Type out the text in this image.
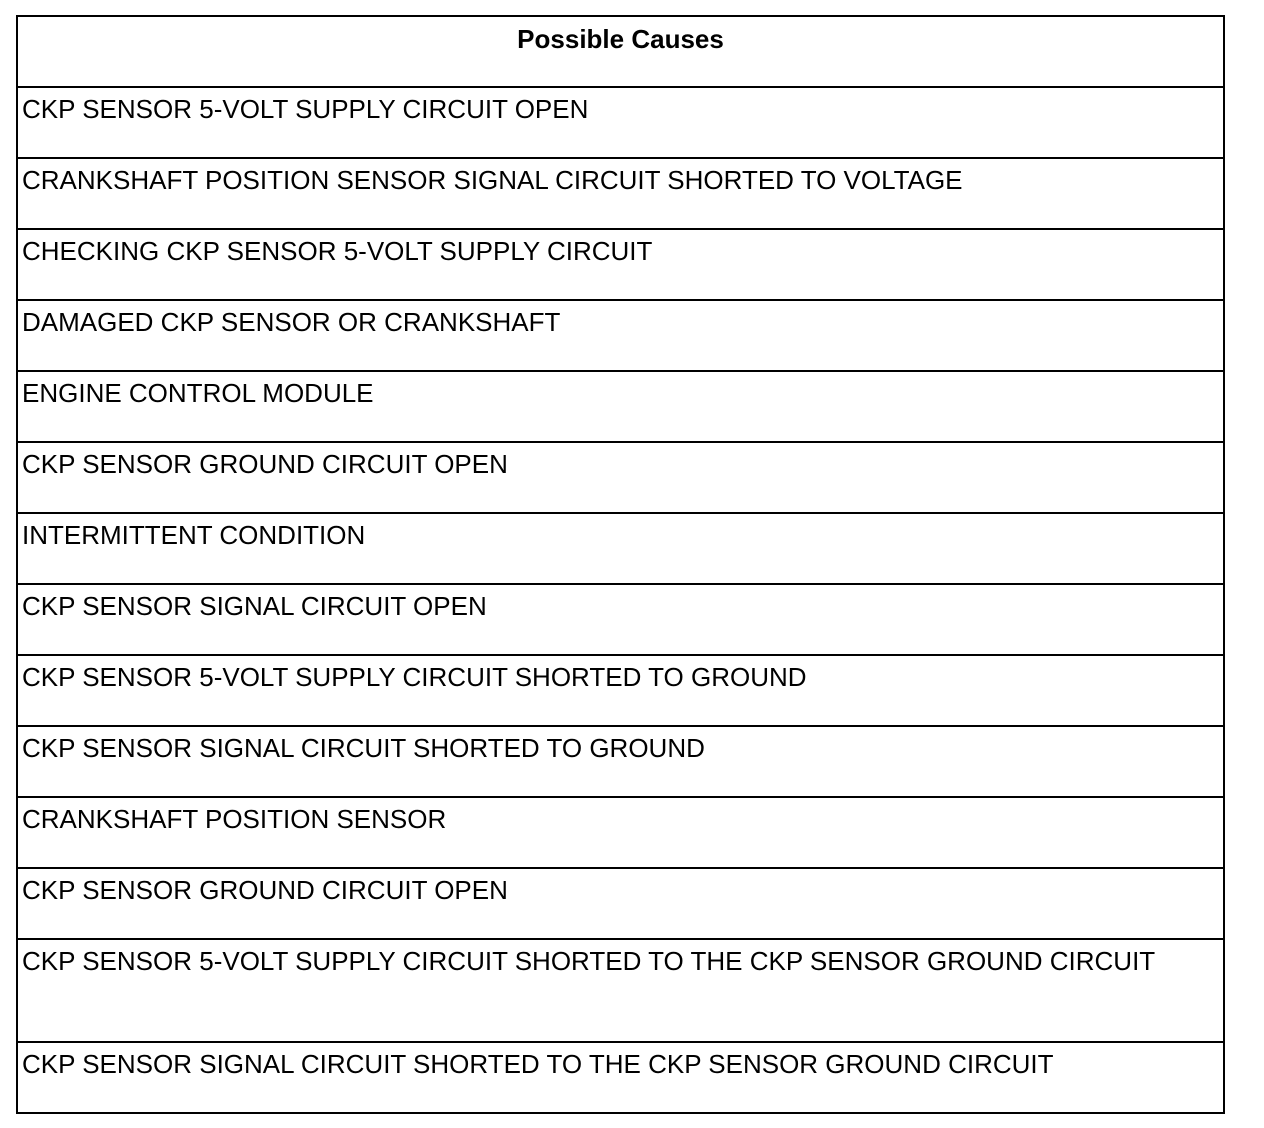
Possible Causes
CKP SENSOR 5-VOLT SUPPLY CIRCUIT OPEN
CRANKSHAFT POSITION SENSOR SIGNAL CIRCUIT SHORTED TO VOLTAGE
CHECKING CKP SENSOR 5-VOLT SUPPLY CIRCUIT
DAMAGED CKP SENSOR OR CRANKSHAFT
ENGINE CONTROL MODULE
CKP SENSOR GROUND CIRCUIT OPEN
INTERMITTENT CONDITION
CKP SENSOR SIGNAL CIRCUIT OPEN
CKP SENSOR 5-VOLT SUPPLY CIRCUIT SHORTED TO GROUND
CKP SENSOR SIGNAL CIRCUIT SHORTED TO GROUND
CRANKSHAFT POSITION SENSOR
CKP SENSOR GROUND CIRCUIT OPEN
CKP SENSOR 5-VOLT SUPPLY CIRCUIT SHORTED TO THE CKP SENSOR GROUND CIRCUIT
CKP SENSOR SIGNAL CIRCUIT SHORTED TO THE CKP SENSOR GROUND CIRCUIT
